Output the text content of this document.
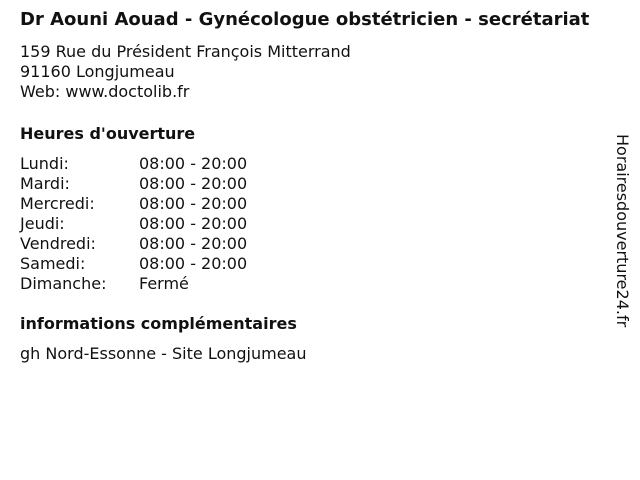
Dr Aouni Aouad - Gynécologue obstétricien - secrétariat
159 Rue du Président François Mitterrand
91160 Longjumeau
Web: www.doctolib.fr
Heures d'ouverture
Lundi:	08:00 - 20:00
Mardi:	08:00 - 20:00
Mercredi:	08:00 - 20:00
Jeudi:	08:00 - 20:00
Vendredi:	08:00 - 20:00
Samedi:	08:00 - 20:00
Dimanche:	Fermé
informations complémentaires
gh Nord-Essonne - Site Longjumeau
Horairesdouverture24.fr
